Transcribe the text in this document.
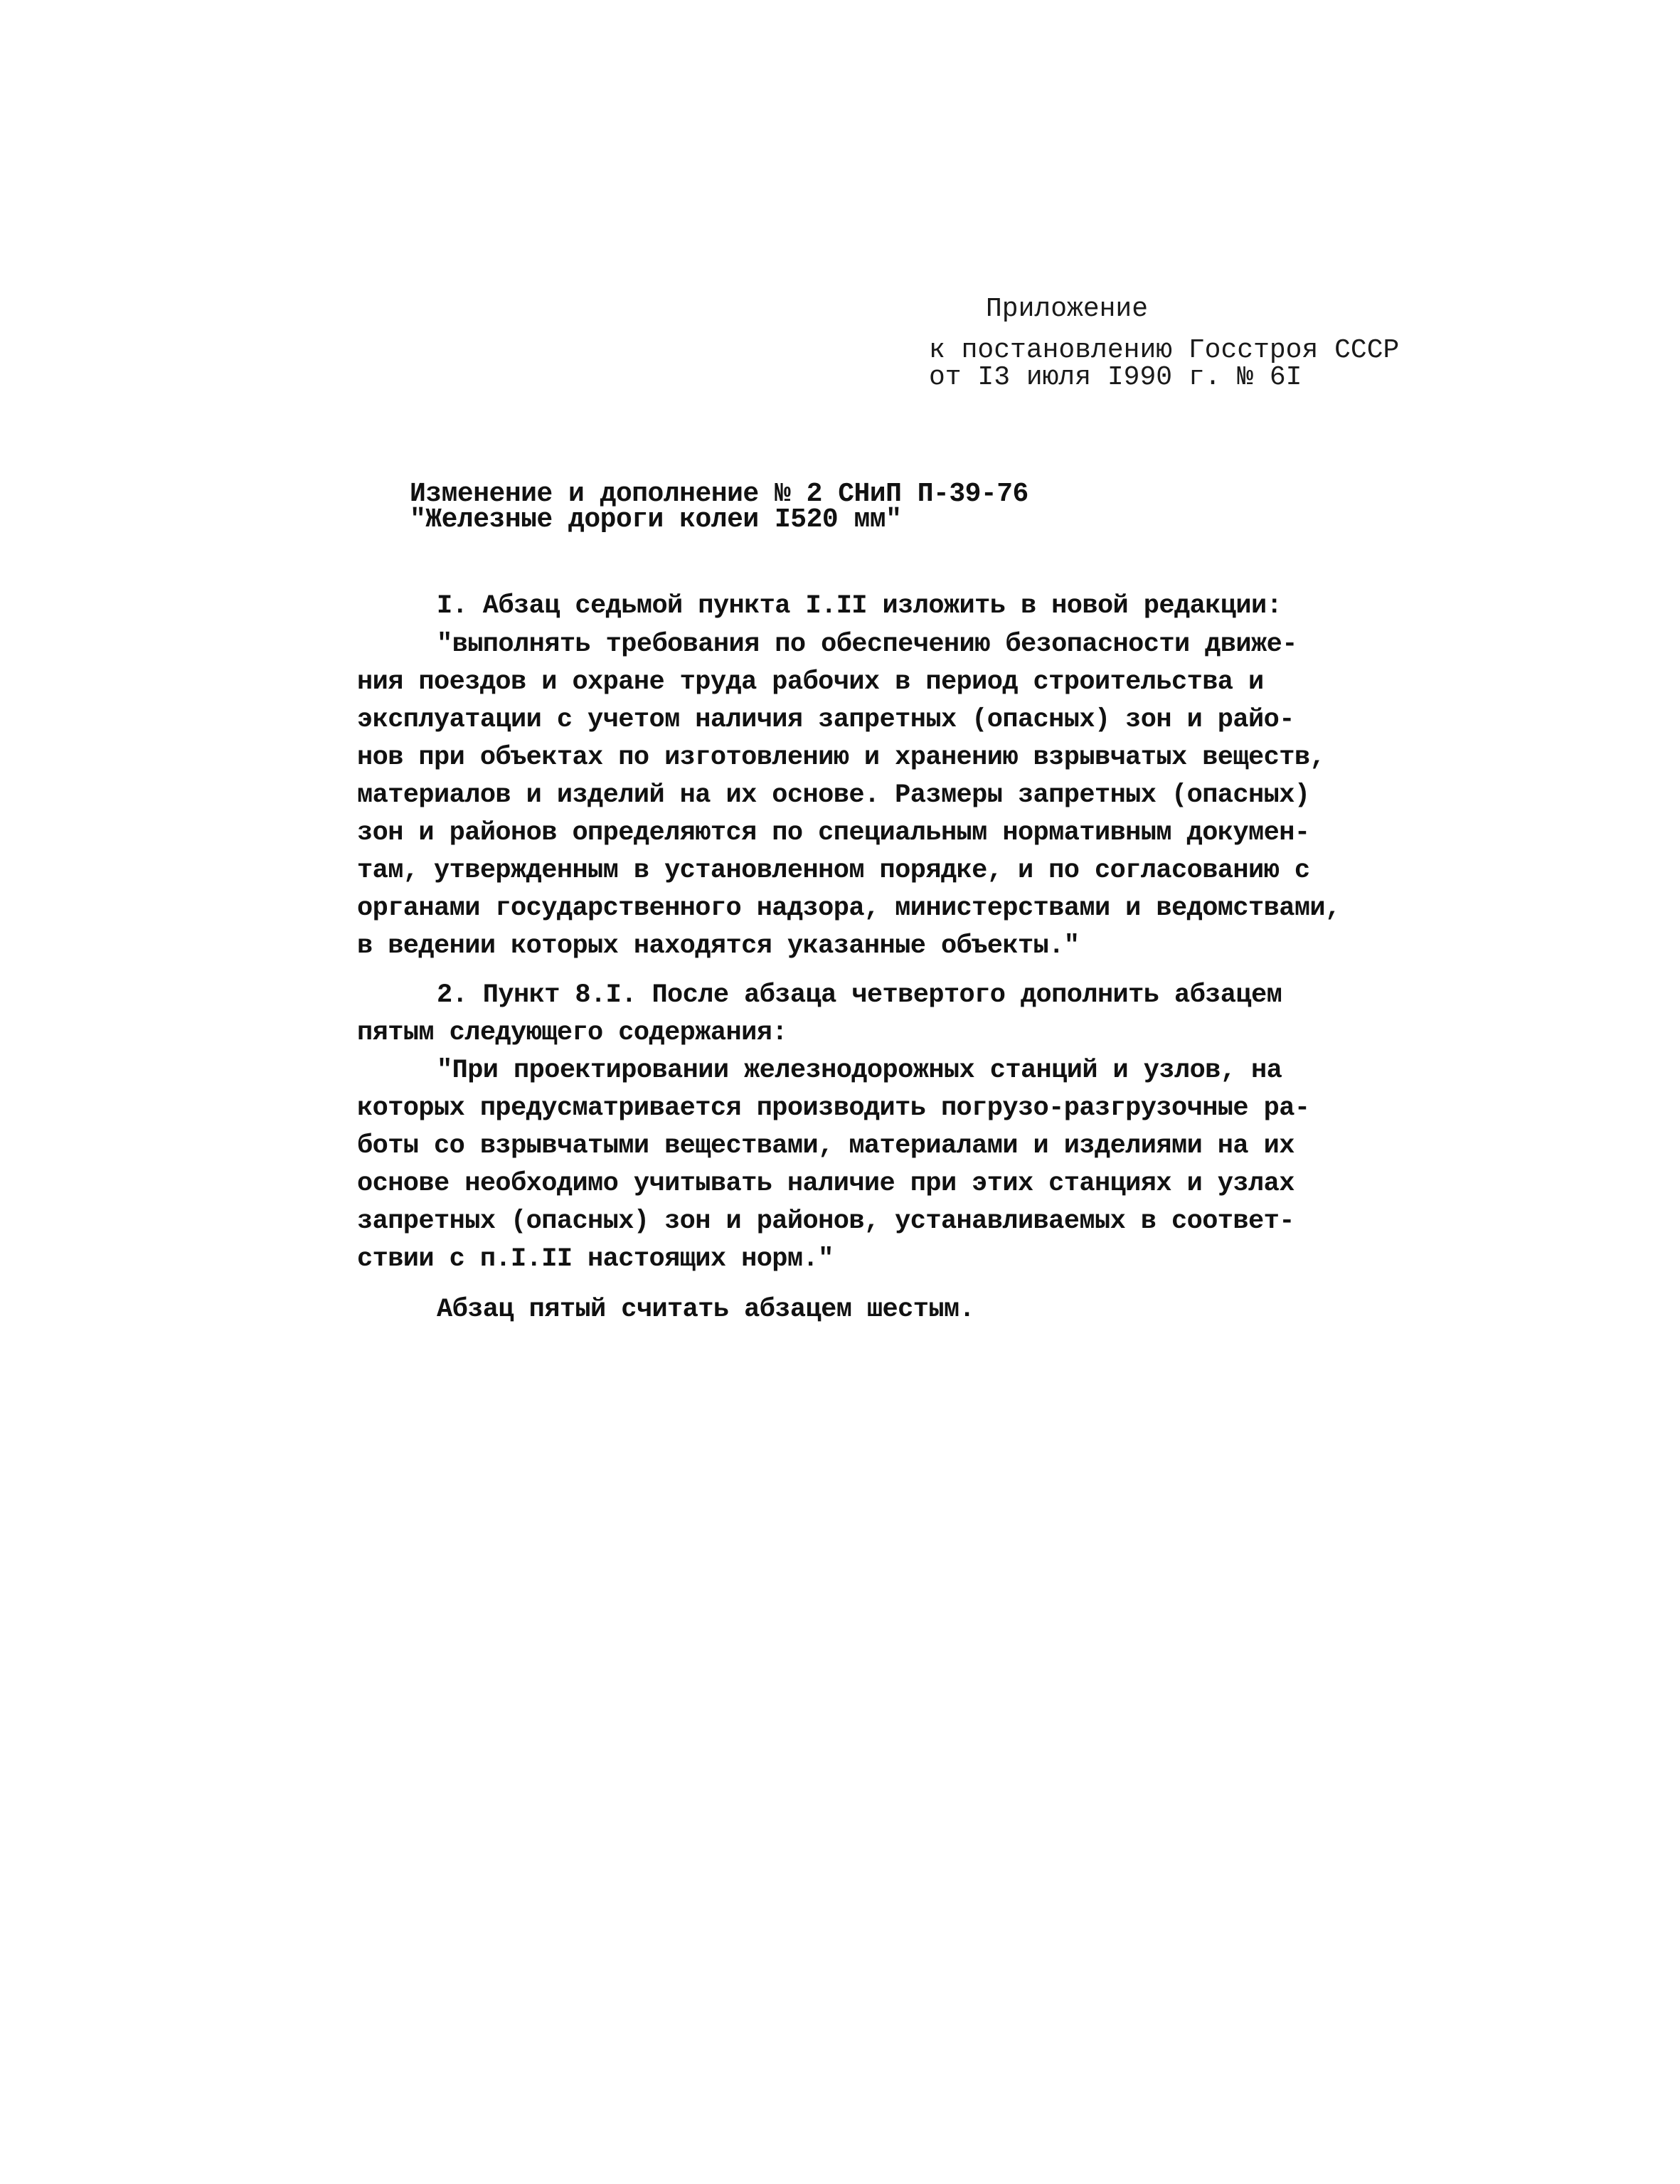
Приложение
к постановлению Госстроя СССР
от I3 июля I990 г. № 6I
Изменение и дополнение № 2 СНиП П-39-76
"Железные дороги колеи I520 мм"
I. Абзац седьмой пункта I.II изложить в новой редакции:
"выполнять требования по обеспечению безопасности движе-
ния поездов и охране труда рабочих в период строительства и
эксплуатации с учетом наличия запретных (опасных) зон и райо-
нов при объектах по изготовлению и хранению взрывчатых веществ,
материалов и изделий на их основе. Размеры запретных (опасных)
зон и районов определяются по специальным нормативным докумен-
там, утвержденным в установленном порядке, и по согласованию с
органами государственного надзора, министерствами и ведомствами,
в ведении которых находятся указанные объекты."
2. Пункт 8.I. После абзаца четвертого дополнить абзацем
пятым следующего содержания:
"При проектировании железнодорожных станций и узлов, на
которых предусматривается производить погрузо-разгрузочные ра-
боты со взрывчатыми веществами, материалами и изделиями на их
основе необходимо учитывать наличие при этих станциях и узлах
запретных (опасных) зон и районов, устанавливаемых в соответ-
ствии с п.I.II настоящих норм."
Абзац пятый считать абзацем шестым.
